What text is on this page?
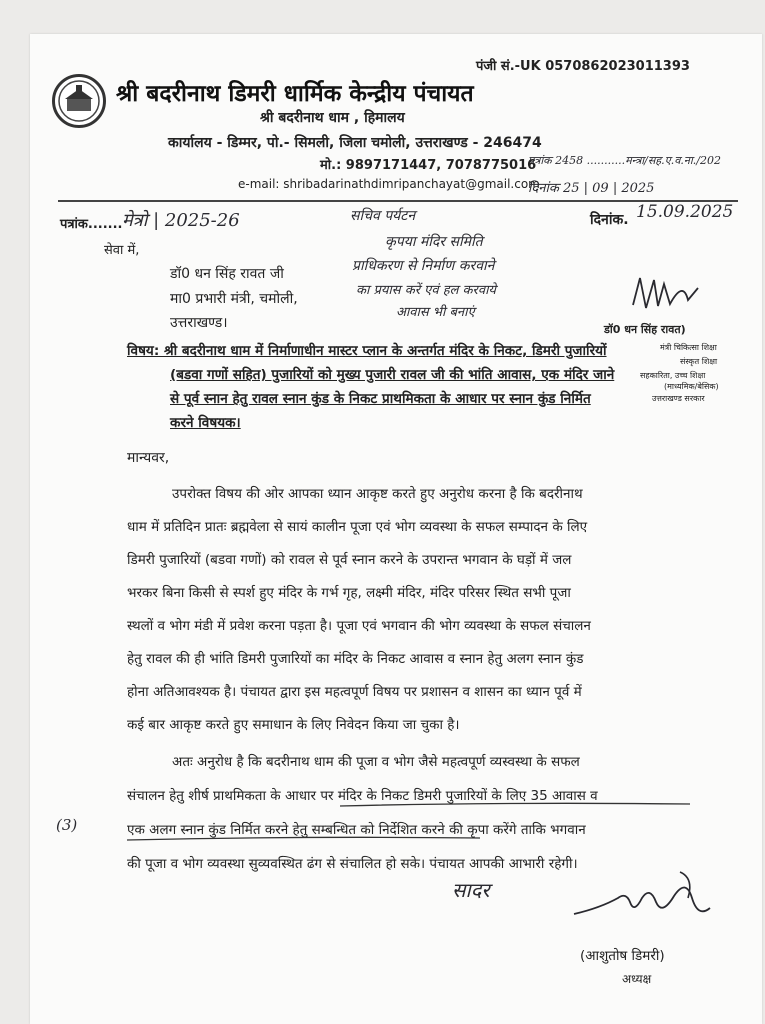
पंजी सं.-UK 0570862023011393
श्री बदरीनाथ डिमरी धार्मिक केन्द्रीय पंचायत
श्री बदरीनाथ धाम , हिमालय
कार्यालय - डिम्मर, पो.- सिमली, जिला चमोली, उत्तराखण्ड - 246474
मो.: 9897171447, 7078775016
e-mail: shribadarinathdimripanchayat@gmail.com
पत्रांक 2458 ...........मन्त्रा/सह.ए.व.ना./202
दिनांक 25 | 09 | 2025
पत्रांक....... मेत्रो | 2025-26	दिनांक. 15.09.2025
सेवा में,
डॉ0 धन सिंह रावत जी
मा0 प्रभारी मंत्री, चमोली,
उत्तराखण्ड।
सचिव पर्यटन
कृपया मंदिर समिति
प्राधिकरण से निर्माण करवाने
का प्रयास करें एवं हल करवाये
आवास भी बनाएं
डॉ0 धन सिंह रावत)
मंत्री चिकित्सा शिक्षा
संस्कृत शिक्षा
सहकारिता, उच्च शिक्षा
(माध्यमिक/बेसिक)
उत्तराखण्ड सरकार
विषय: श्री बदरीनाथ धाम में निर्माणाधीन मास्टर प्लान के अन्तर्गत मंदिर के निकट, डिमरी पुजारियों
(बडवा गणों सहित) पुजारियों को मुख्य पुजारी रावल जी की भांति आवास, एक मंदिर जाने
से पूर्व स्नान हेतु रावल स्नान कुंड के निकट प्राथमिकता के आधार पर स्नान कुंड निर्मित
करने विषयक।
मान्यवर,
उपरोक्त विषय की ओर आपका ध्यान आकृष्ट करते हुए अनुरोध करना है कि बदरीनाथ
धाम में प्रतिदिन प्रातः ब्रह्मवेला से सायं कालीन पूजा एवं भोग व्यवस्था के सफल सम्पादन के लिए
डिमरी पुजारियों (बडवा गणों) को रावल से पूर्व स्नान करने के उपरान्त भगवान के घड़ों में जल
भरकर बिना किसी से स्पर्श हुए मंदिर के गर्भ गृह, लक्ष्मी मंदिर, मंदिर परिसर स्थित सभी पूजा
स्थलों व भोग मंडी में प्रवेश करना पड़ता है। पूजा एवं भगवान की भोग व्यवस्था के सफल संचालन
हेतु रावल की ही भांति डिमरी पुजारियों का मंदिर के निकट आवास व स्नान हेतु अलग स्नान कुंड
होना अतिआवश्यक है। पंचायत द्वारा इस महत्वपूर्ण विषय पर प्रशासन व शासन का ध्यान पूर्व में
कई बार आकृष्ट करते हुए समाधान के लिए निवेदन किया जा चुका है।
अतः अनुरोध है कि बदरीनाथ धाम की पूजा व भोग जैसे महत्वपूर्ण व्यस्वस्था के सफल
संचालन हेतु शीर्ष प्राथमिकता के आधार पर मंदिर के निकट डिमरी पुजारियों के लिए 35 आवास व
एक अलग स्नान कुंड निर्मित करने हेतु सम्बन्धित को निर्देशित करने की कृपा करेंगे ताकि भगवान
की पूजा व भोग व्यवस्था सुव्यवस्थित ढंग से संचालित हो सके। पंचायत आपकी आभारी रहेगी।
(3)
सादर
(आशुतोष डिमरी)
अध्यक्ष
